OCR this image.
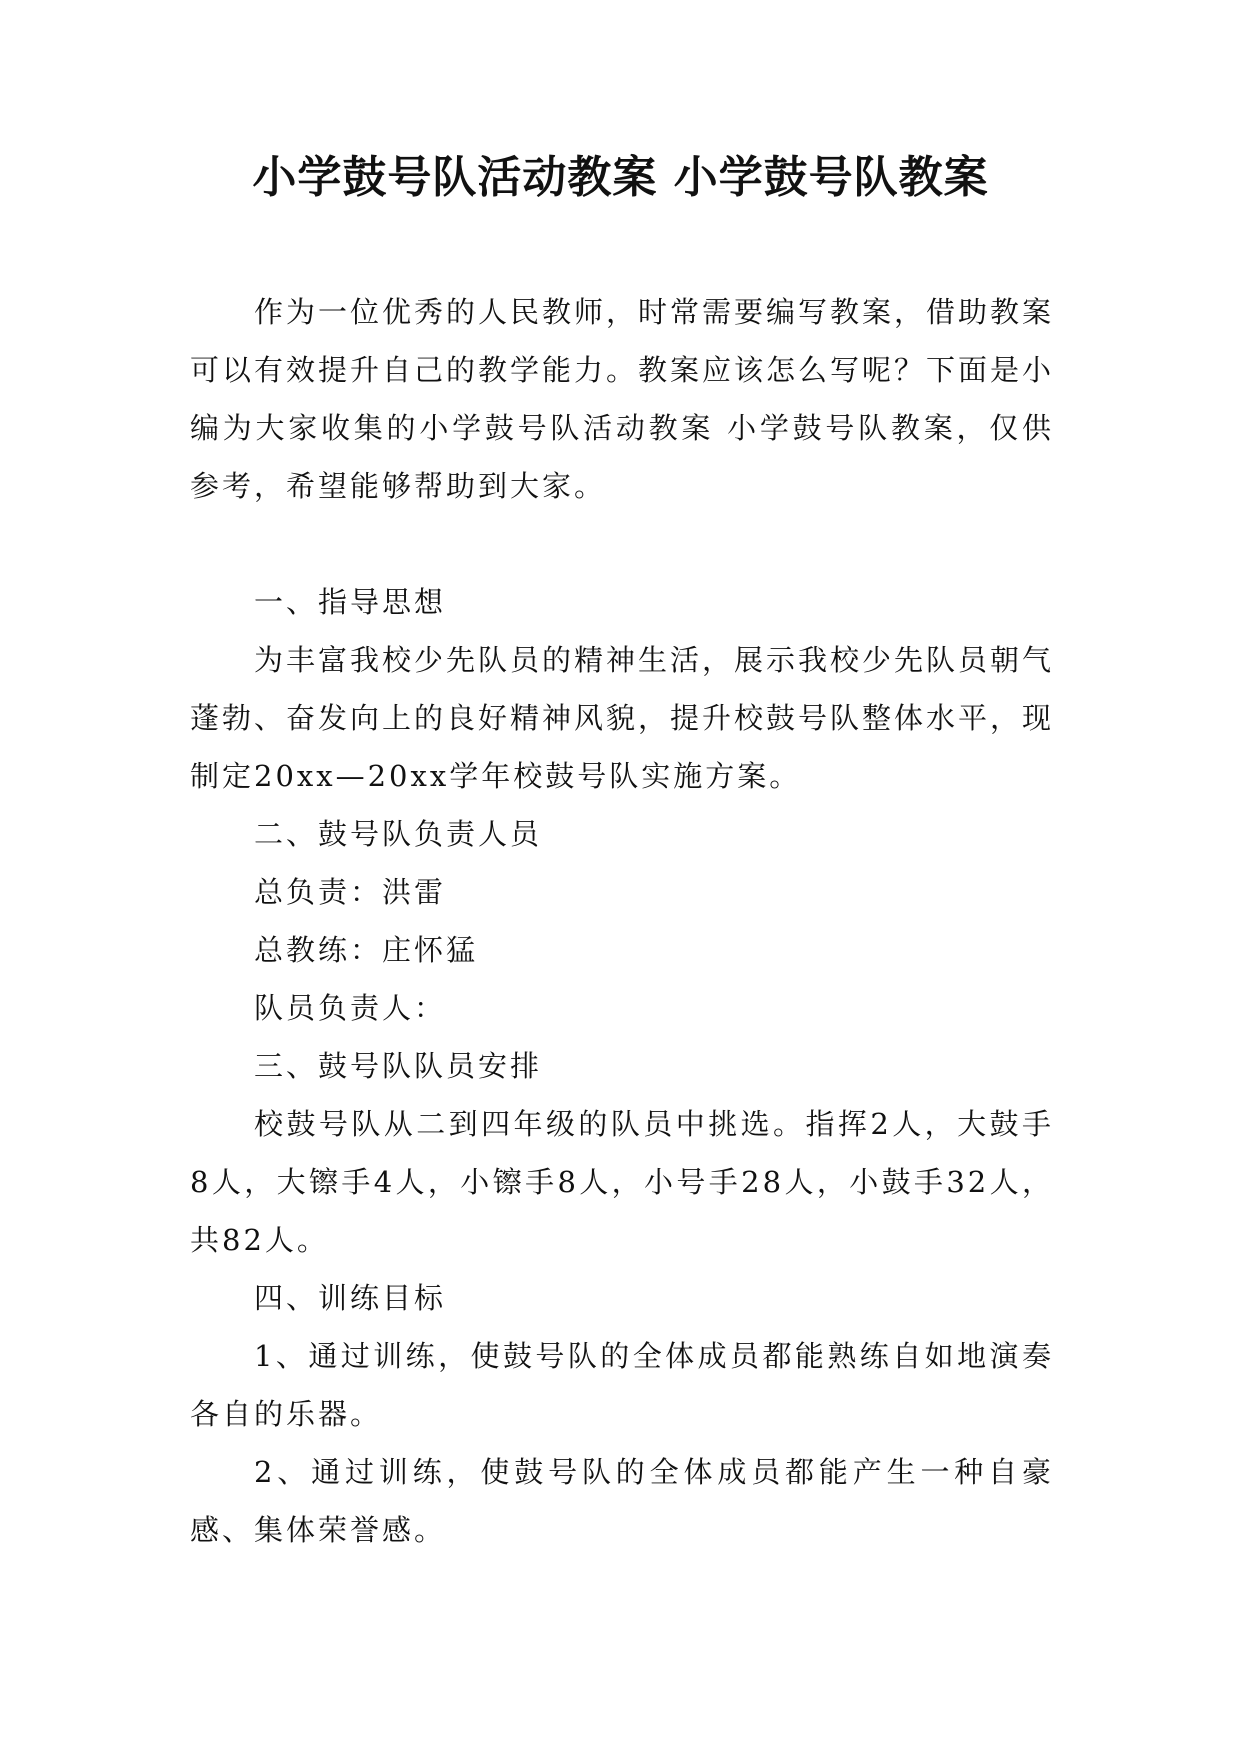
小学鼓号队活动教案 小学鼓号队教案

作为一位优秀的人民教师，时常需要编写教案，借助教案可以有效提升自己的教学能力。教案应该怎么写呢？下面是小编为大家收集的小学鼓号队活动教案 小学鼓号队教案，仅供参考，希望能够帮助到大家。

一、指导思想

为丰富我校少先队员的精神生活，展示我校少先队员朝气蓬勃、奋发向上的良好精神风貌，提升校鼓号队整体水平，现制定20xx—20xx学年校鼓号队实施方案。

二、鼓号队负责人员

总负责：洪雷

总教练：庄怀猛

队员负责人：

三、鼓号队队员安排

校鼓号队从二到四年级的队员中挑选。指挥2人，大鼓手8人，大镲手4人，小镲手8人，小号手28人，小鼓手32人，共82人。

四、训练目标

1、通过训练，使鼓号队的全体成员都能熟练自如地演奏各自的乐器。

2、通过训练，使鼓号队的全体成员都能产生一种自豪感、集体荣誉感。
